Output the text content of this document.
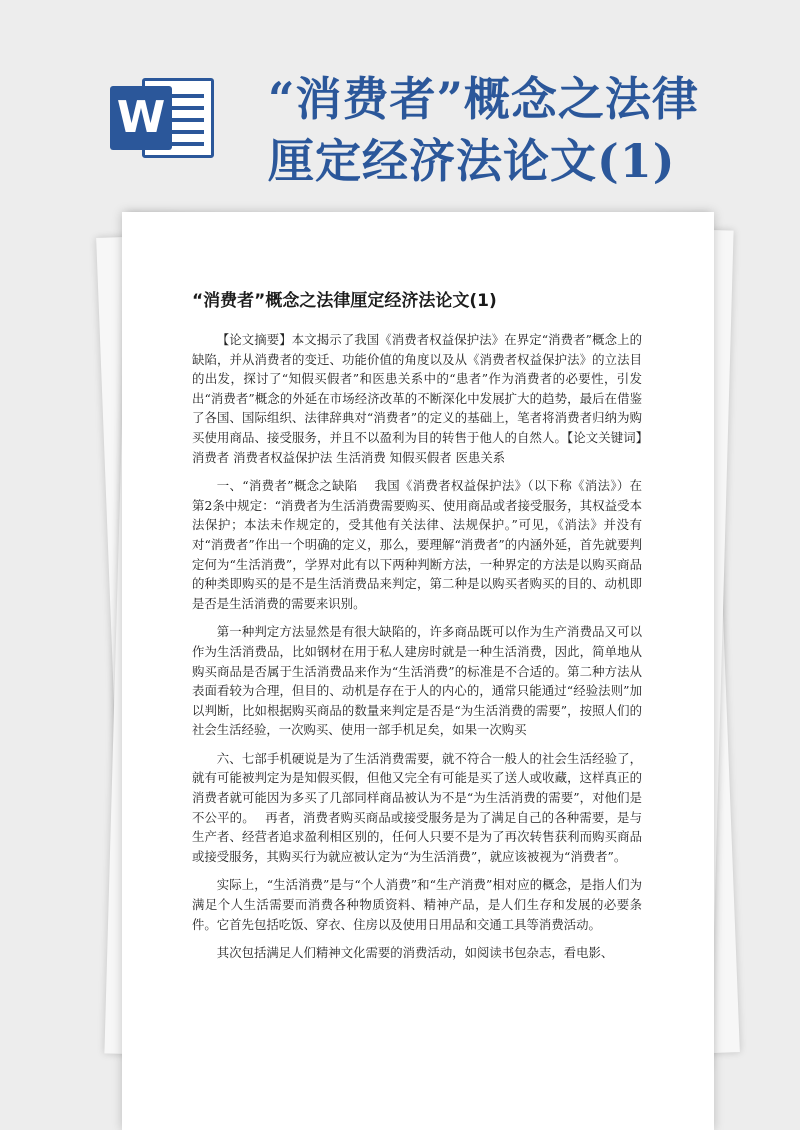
W “消费者”概念之法律
厘定经济法论文(1)
“消费者”概念之法律厘定经济法论文(1)

【论文摘要】本文揭示了我国《消费者权益保护法》在界定“消费者”概念上的缺陷，并从消费者的变迁、功能价值的角度以及从《消费者权益保护法》的立法目的出发，探讨了“知假买假者”和医患关系中的“患者”作为消费者的必要性，引发出“消费者”概念的外延在市场经济改革的不断深化中发展扩大的趋势，最后在借鉴了各国、国际组织、法律辞典对“消费者”的定义的基础上，笔者将消费者归纳为购买使用商品、接受服务，并且不以盈利为目的转售于他人的自然人。【论文关键词】消费者 消费者权益保护法 生活消费 知假买假者 医患关系

一、“消费者”概念之缺陷　 我国《消费者权益保护法》（以下称《消法》）在第2条中规定：“消费者为生活消费需要购买、使用商品或者接受服务，其权益受本法保护；本法未作规定的，受其他有关法律、法规保护。”可见，《消法》并没有对“消费者”作出一个明确的定义，那么，要理解“消费者”的内涵外延，首先就要判定何为“生活消费”，学界对此有以下两种判断方法，一种界定的方法是以购买商品的种类即购买的是不是生活消费品来判定，第二种是以购买者购买的目的、动机即是否是生活消费的需要来识别。

第一种判定方法显然是有很大缺陷的，许多商品既可以作为生产消费品又可以作为生活消费品，比如钢材在用于私人建房时就是一种生活消费，因此，简单地从购买商品是否属于生活消费品来作为“生活消费”的标准是不合适的。第二种方法从表面看较为合理，但目的、动机是存在于人的内心的，通常只能通过“经验法则”加以判断，比如根据购买商品的数量来判定是否是“为生活消费的需要”，按照人们的社会生活经验，一次购买、使用一部手机足矣，如果一次购买

六、七部手机硬说是为了生活消费需要，就不符合一般人的社会生活经验了，就有可能被判定为是知假买假，但他又完全有可能是买了送人或收藏，这样真正的消费者就可能因为多买了几部同样商品被认为不是“为生活消费的需要”，对他们是不公平的。　 再者，消费者购买商品或接受服务是为了满足自己的各种需要，是与生产者、经营者追求盈利相区别的，任何人只要不是为了再次转售获利而购买商品或接受服务，其购买行为就应被认定为“为生活消费”，就应该被视为“消费者”。

实际上，“生活消费”是与“个人消费”和“生产消费”相对应的概念，是指人们为满足个人生活需要而消费各种物质资料、精神产品，是人们生存和发展的必要条件。它首先包括吃饭、穿衣、住房以及使用日用品和交通工具等消费活动。

其次包括满足人们精神文化需要的消费活动，如阅读书包杂志，看电影、
